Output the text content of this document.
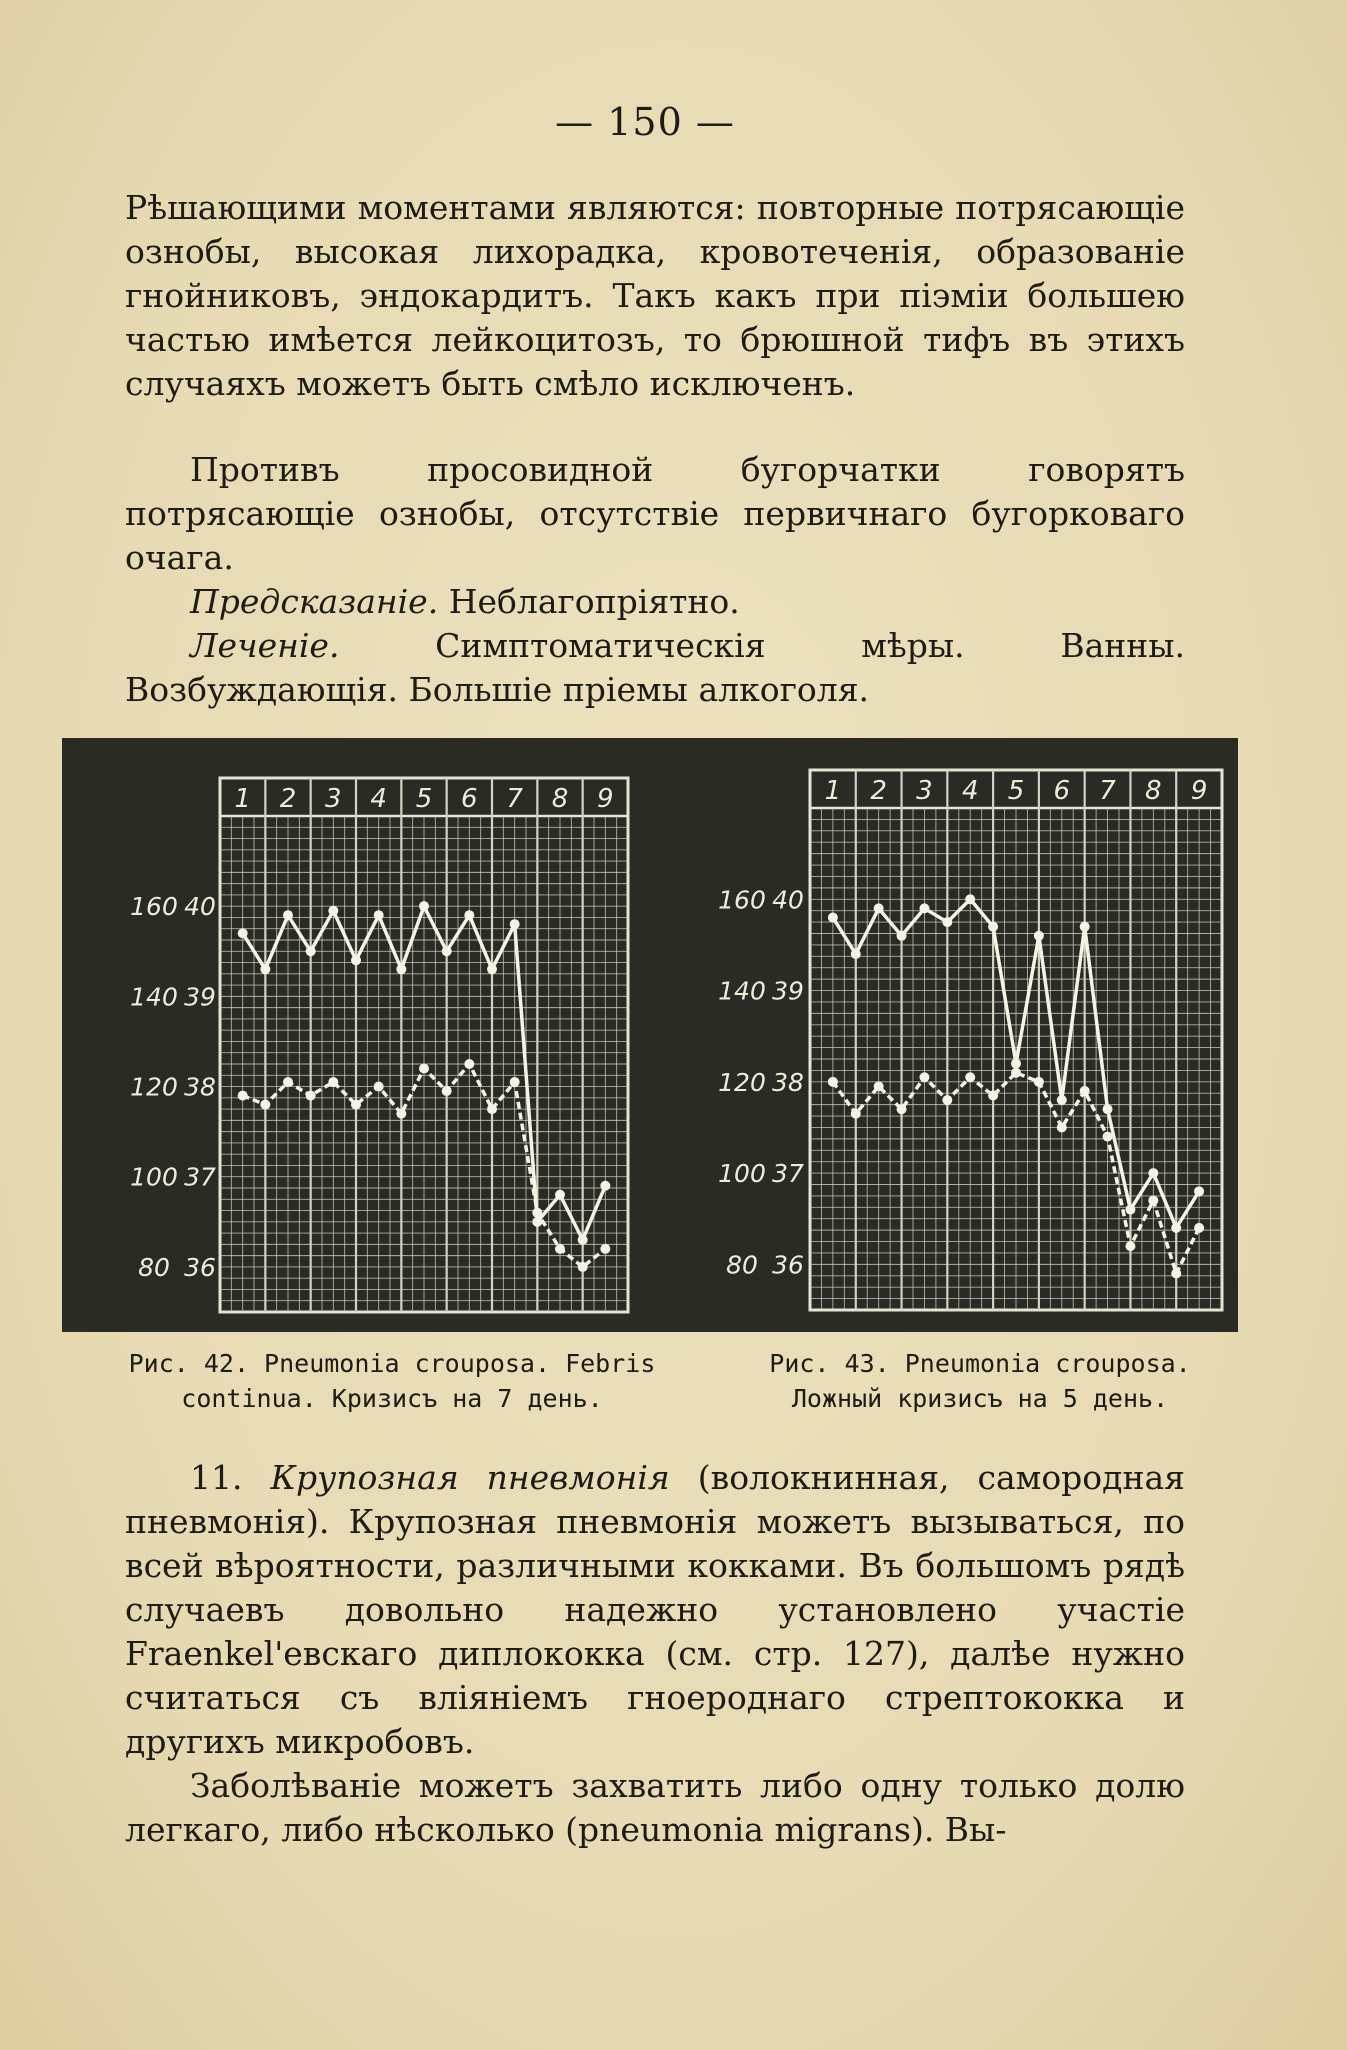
— 150 —

Рѣшающими моментами являются: повторные потрясающіе ознобы, высокая лихорадка, кровотеченія, образованіе гнойниковъ, эндокардитъ. Такъ какъ при піэміи большею частью имѣется лейкоцитозъ, то брюшной тифъ въ этихъ случаяхъ можетъ быть смѣло исключенъ.

Противъ просовидной бугорчатки говорятъ потрясающіе ознобы, отсутствіе первичнаго бугорковаго очага.

Предсказаніе. Неблагопріятно.

Леченіе. Симптоматическія мѣры. Ванны. Возбуждающія. Большіе пріемы алкоголя.

1 2 3 4 5 6 7 8 9
160 40
140 39
120 38
100 37
80 36
1 2 3 4 5 6 7 8 9
160 40
140 39
120 38
100 37
80 36
Рис. 42. Pneumonia crouposa. Febris
continua. Кризисъ на 7 день.
Рис. 43. Pneumonia crouposa.
Ложный кризисъ на 5 день.

11. Крупозная пневмонія (волокнинная, самородная пневмонія). Крупозная пневмонія можетъ вызываться, по всей вѣроятности, различными кокками. Въ большомъ рядѣ случаевъ довольно надежно установлено участіе Fraenkel'евскаго диплококка (см. стр. 127), далѣе нужно считаться съ вліяніемъ гноероднаго стрептококка и другихъ микробовъ.

Заболѣваніе можетъ захватить либо одну только долю легкаго, либо нѣсколько (pneumonia migrans). Вы-
